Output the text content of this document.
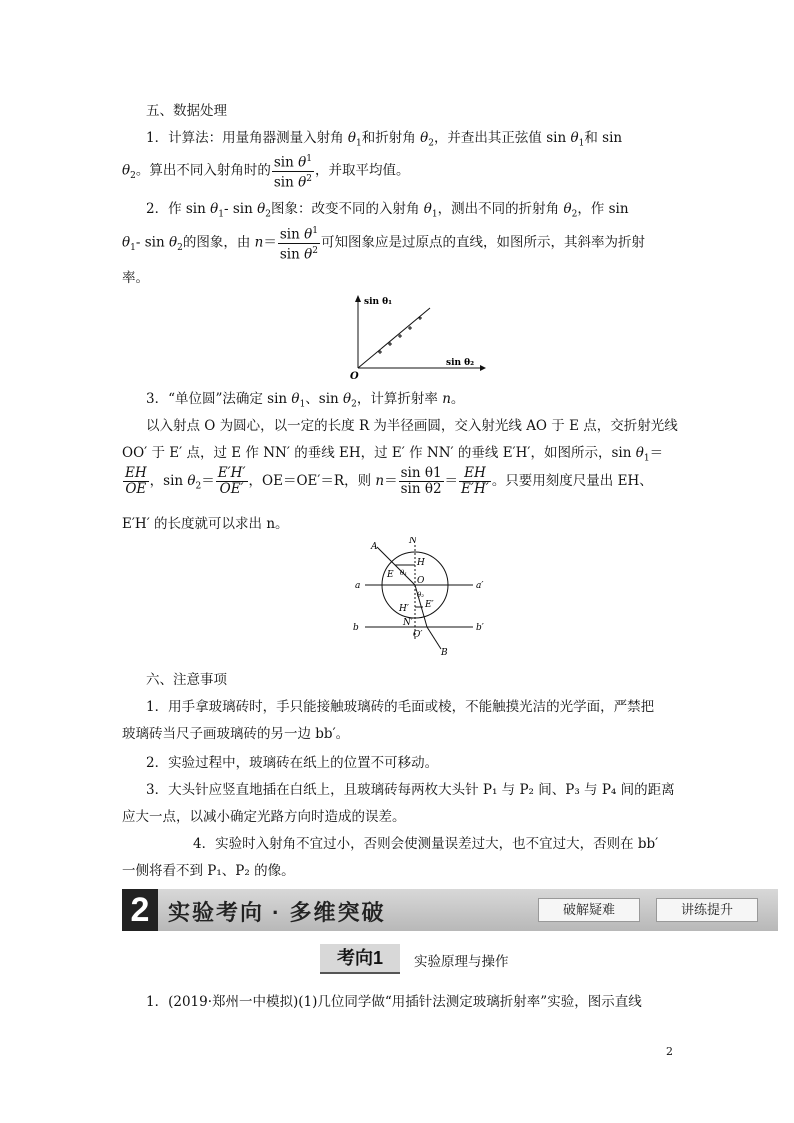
五、数据处理
1．计算法：用量角器测量入射角 $\theta_1$和折射角 $\theta_2$，并查出其正弦值 $\sin \theta_1$和 sin
$\theta_2$。算出不同入射角时的 $\frac{\sin \theta^1}{\sin \theta^2}$ ，并取平均值。
2．作 $\sin \theta_1-$ $\sin \theta_2$图象：改变不同的入射角 $\theta_1$，测出不同的折射角 $\theta_2$，作 sin
$\theta_1-$ $\sin \theta_2$的图象，由 $n= \frac{\sin \theta^1}{\sin \theta^2}$ 可知图象应是过原点的直线，如图所示，其斜率为折射
率。
sin θ₁
sin θ₂
O
3．“单位圆”法确定 $\sin \theta_1$、$\sin \theta_2$，计算折射率 n。
以入射点 O 为圆心，以一定的长度 R 为半径画圆，交入射光线 AO 于 E 点，交折射光线
OO′ 于 E′ 点，过 E 作 NN′ 的垂线 EH，过 E′ 作 NN′ 的垂线 E′H′，如图所示，$\sin \theta_1=$
$\frac{EH}{OE}$ ，$\sin \theta_2= \frac{E'H'}{OE'}$ ，OE＝OE′＝R，则 $n= \frac{\text{sin θ1}}{\text{sin θ2}} = \frac{EH}{E'H'}$ 。只要用刻度尺量出 EH、
E′H′ 的长度就可以求出 n。
A
N
H
E θ₁
θ₂
O
a	a′
H′ E′
N′
b	b′
O′
B
六、注意事项
1．用手拿玻璃砖时，手只能接触玻璃砖的毛面或棱，不能触摸光洁的光学面，严禁把
玻璃砖当尺子画玻璃砖的另一边 bb′。
2．实验过程中，玻璃砖在纸上的位置不可移动。
3．大头针应竖直地插在白纸上，且玻璃砖每两枚大头针 P₁ 与 P₂ 间、P₃ 与 P₄ 间的距离
应大一点，以减小确定光路方向时造成的误差。
4．实验时入射角不宜过小，否则会使测量误差过大，也不宜过大，否则在 bb′
一侧将看不到 P₁、P₂ 的像。
2 实验考向 · 多维突破	破解疑难	讲练提升
考向1	实验原理与操作
1．(2019·郑州一中模拟)(1)几位同学做“用插针法测定玻璃折射率”实验，图示直线
2
